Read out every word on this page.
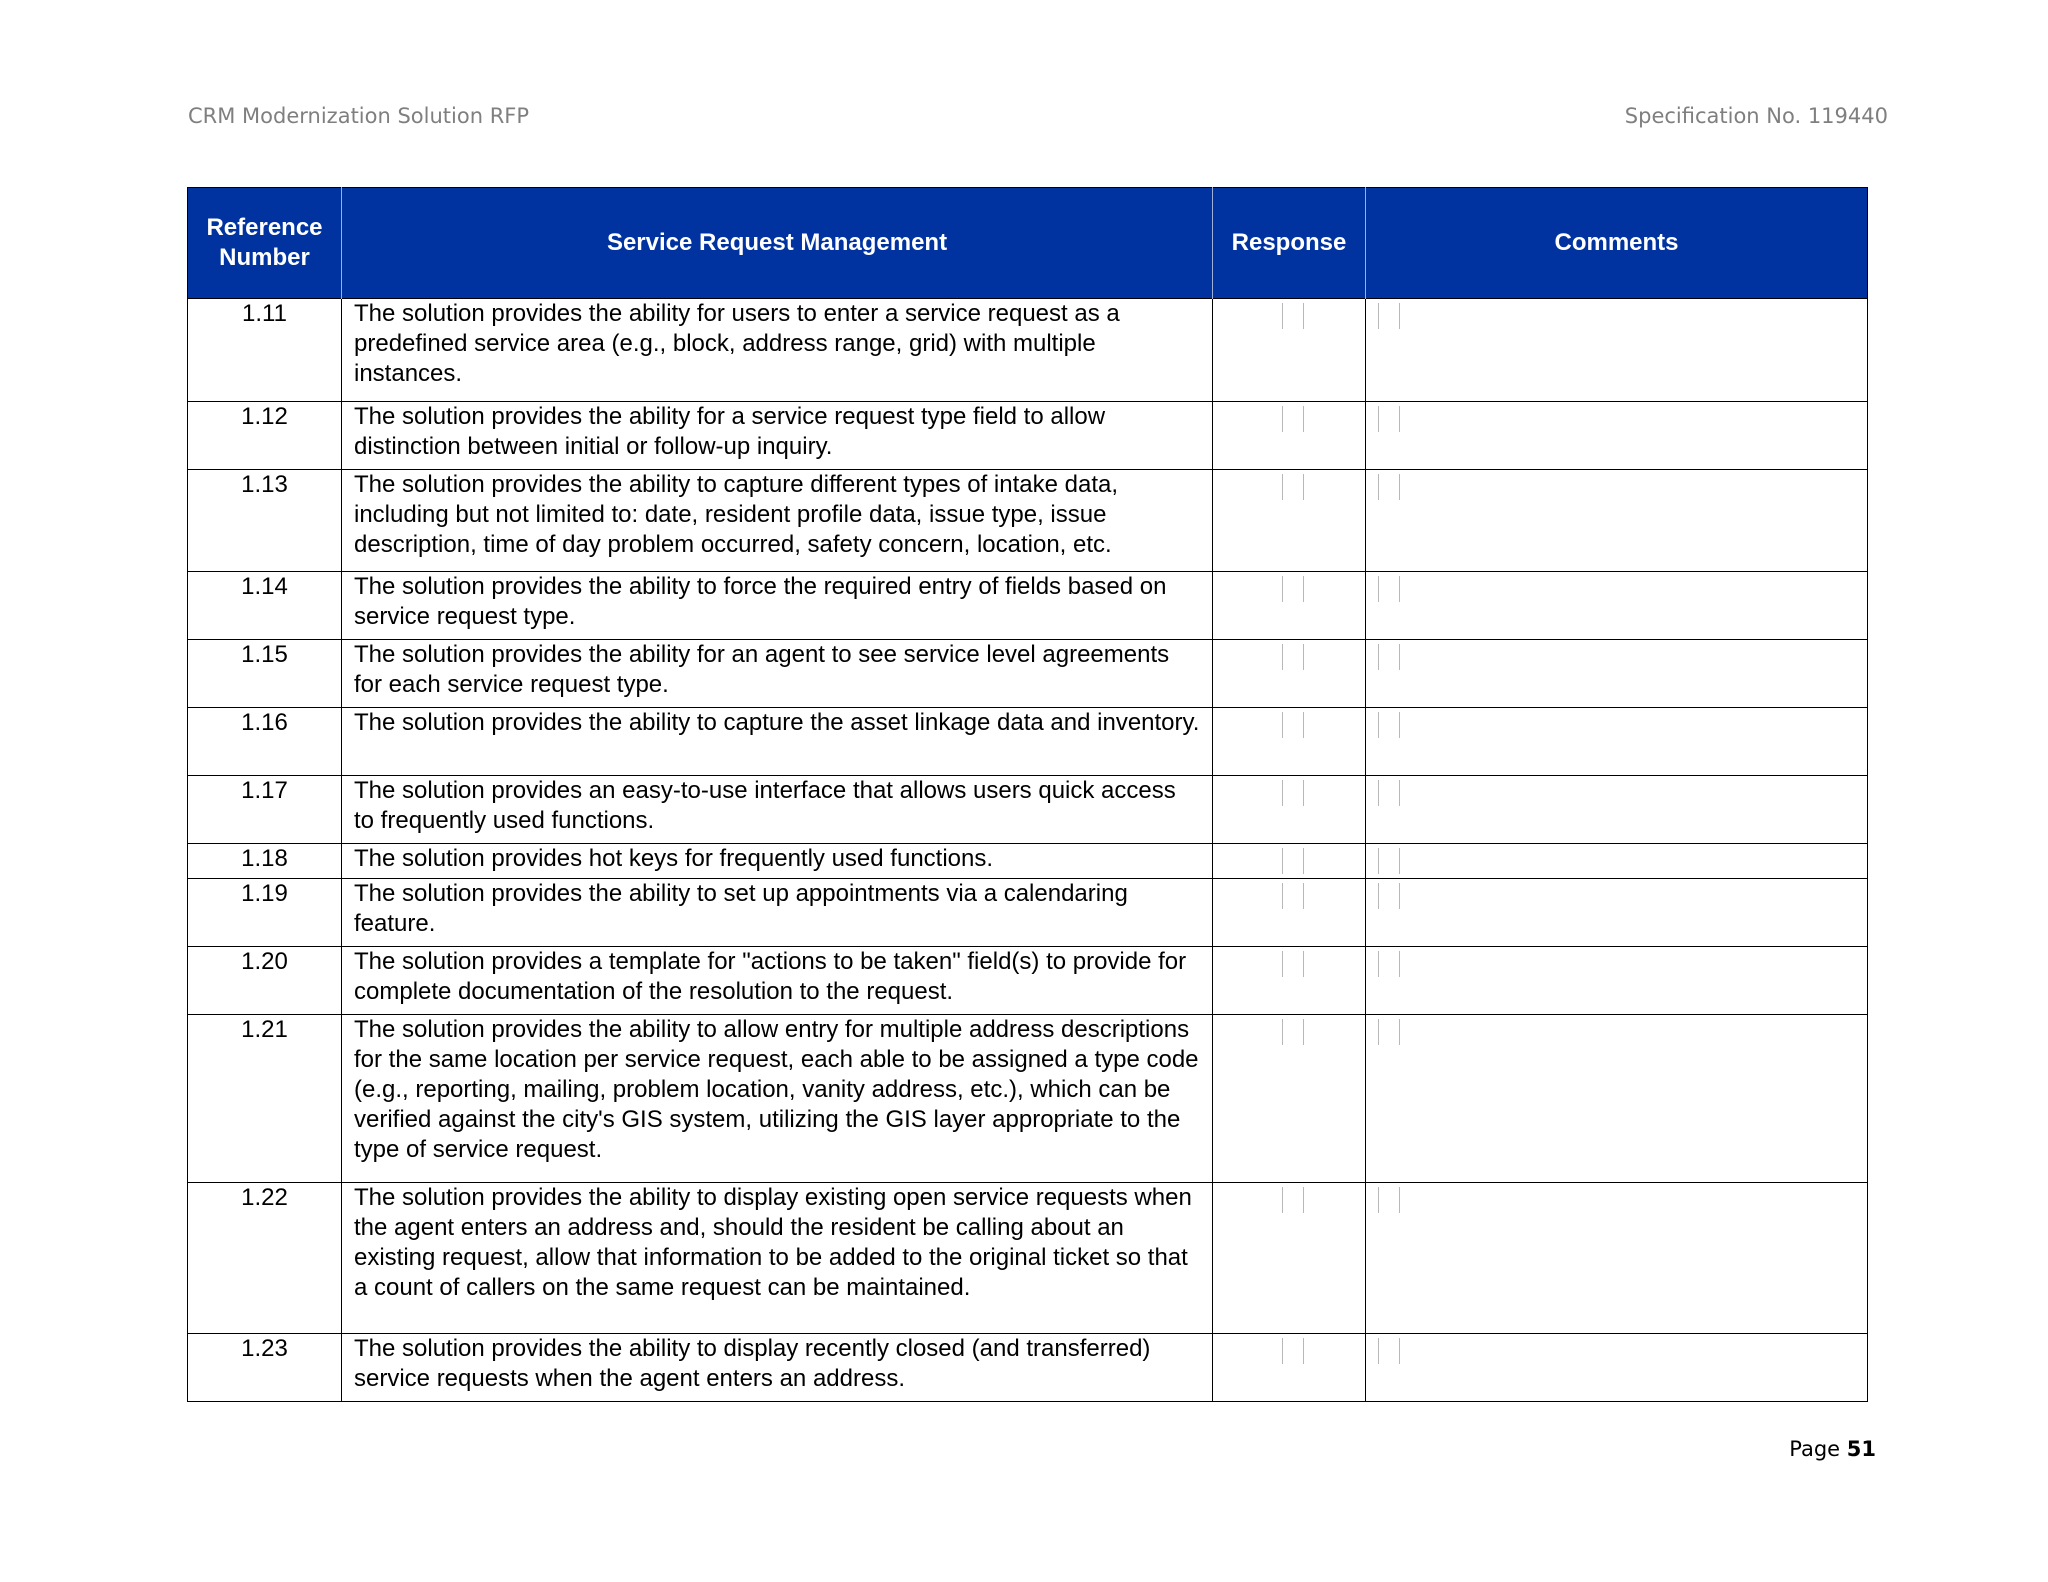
CRM Modernization Solution RFP	Specification No. 119440
Reference Number	Service Request Management	Response	Comments
1.11	The solution provides the ability for users to enter a service request as a predefined service area (e.g., block, address range, grid) with multiple instances.	

1.12	The solution provides the ability for a service request type field to allow distinction between initial or follow-up inquiry.	

1.13	The solution provides the ability to capture different types of intake data, including but not limited to: date, resident profile data, issue type, issue description, time of day problem occurred, safety concern, location, etc.	

1.14	The solution provides the ability to force the required entry of fields based on service request type.	

1.15	The solution provides the ability for an agent to see service level agreements for each service request type.	

1.16	The solution provides the ability to capture the asset linkage data and inventory.	

1.17	The solution provides an easy-to-use interface that allows users quick access to frequently used functions.	

1.18	The solution provides hot keys for frequently used functions.	

1.19	The solution provides the ability to set up appointments via a calendaring feature.	

1.20	The solution provides a template for "actions to be taken" field(s) to provide for complete documentation of the resolution to the request.	

1.21	The solution provides the ability to allow entry for multiple address descriptions for the same location per service request, each able to be assigned a type code (e.g., reporting, mailing, problem location, vanity address, etc.), which can be verified against the city's GIS system, utilizing the GIS layer appropriate to the type of service request.	

1.22	The solution provides the ability to display existing open service requests when the agent enters an address and, should the resident be calling about an existing request, allow that information to be added to the original ticket so that a count of callers on the same request can be maintained.	

1.23	The solution provides the ability to display recently closed (and transferred) service requests when the agent enters an address.	

Page 51
